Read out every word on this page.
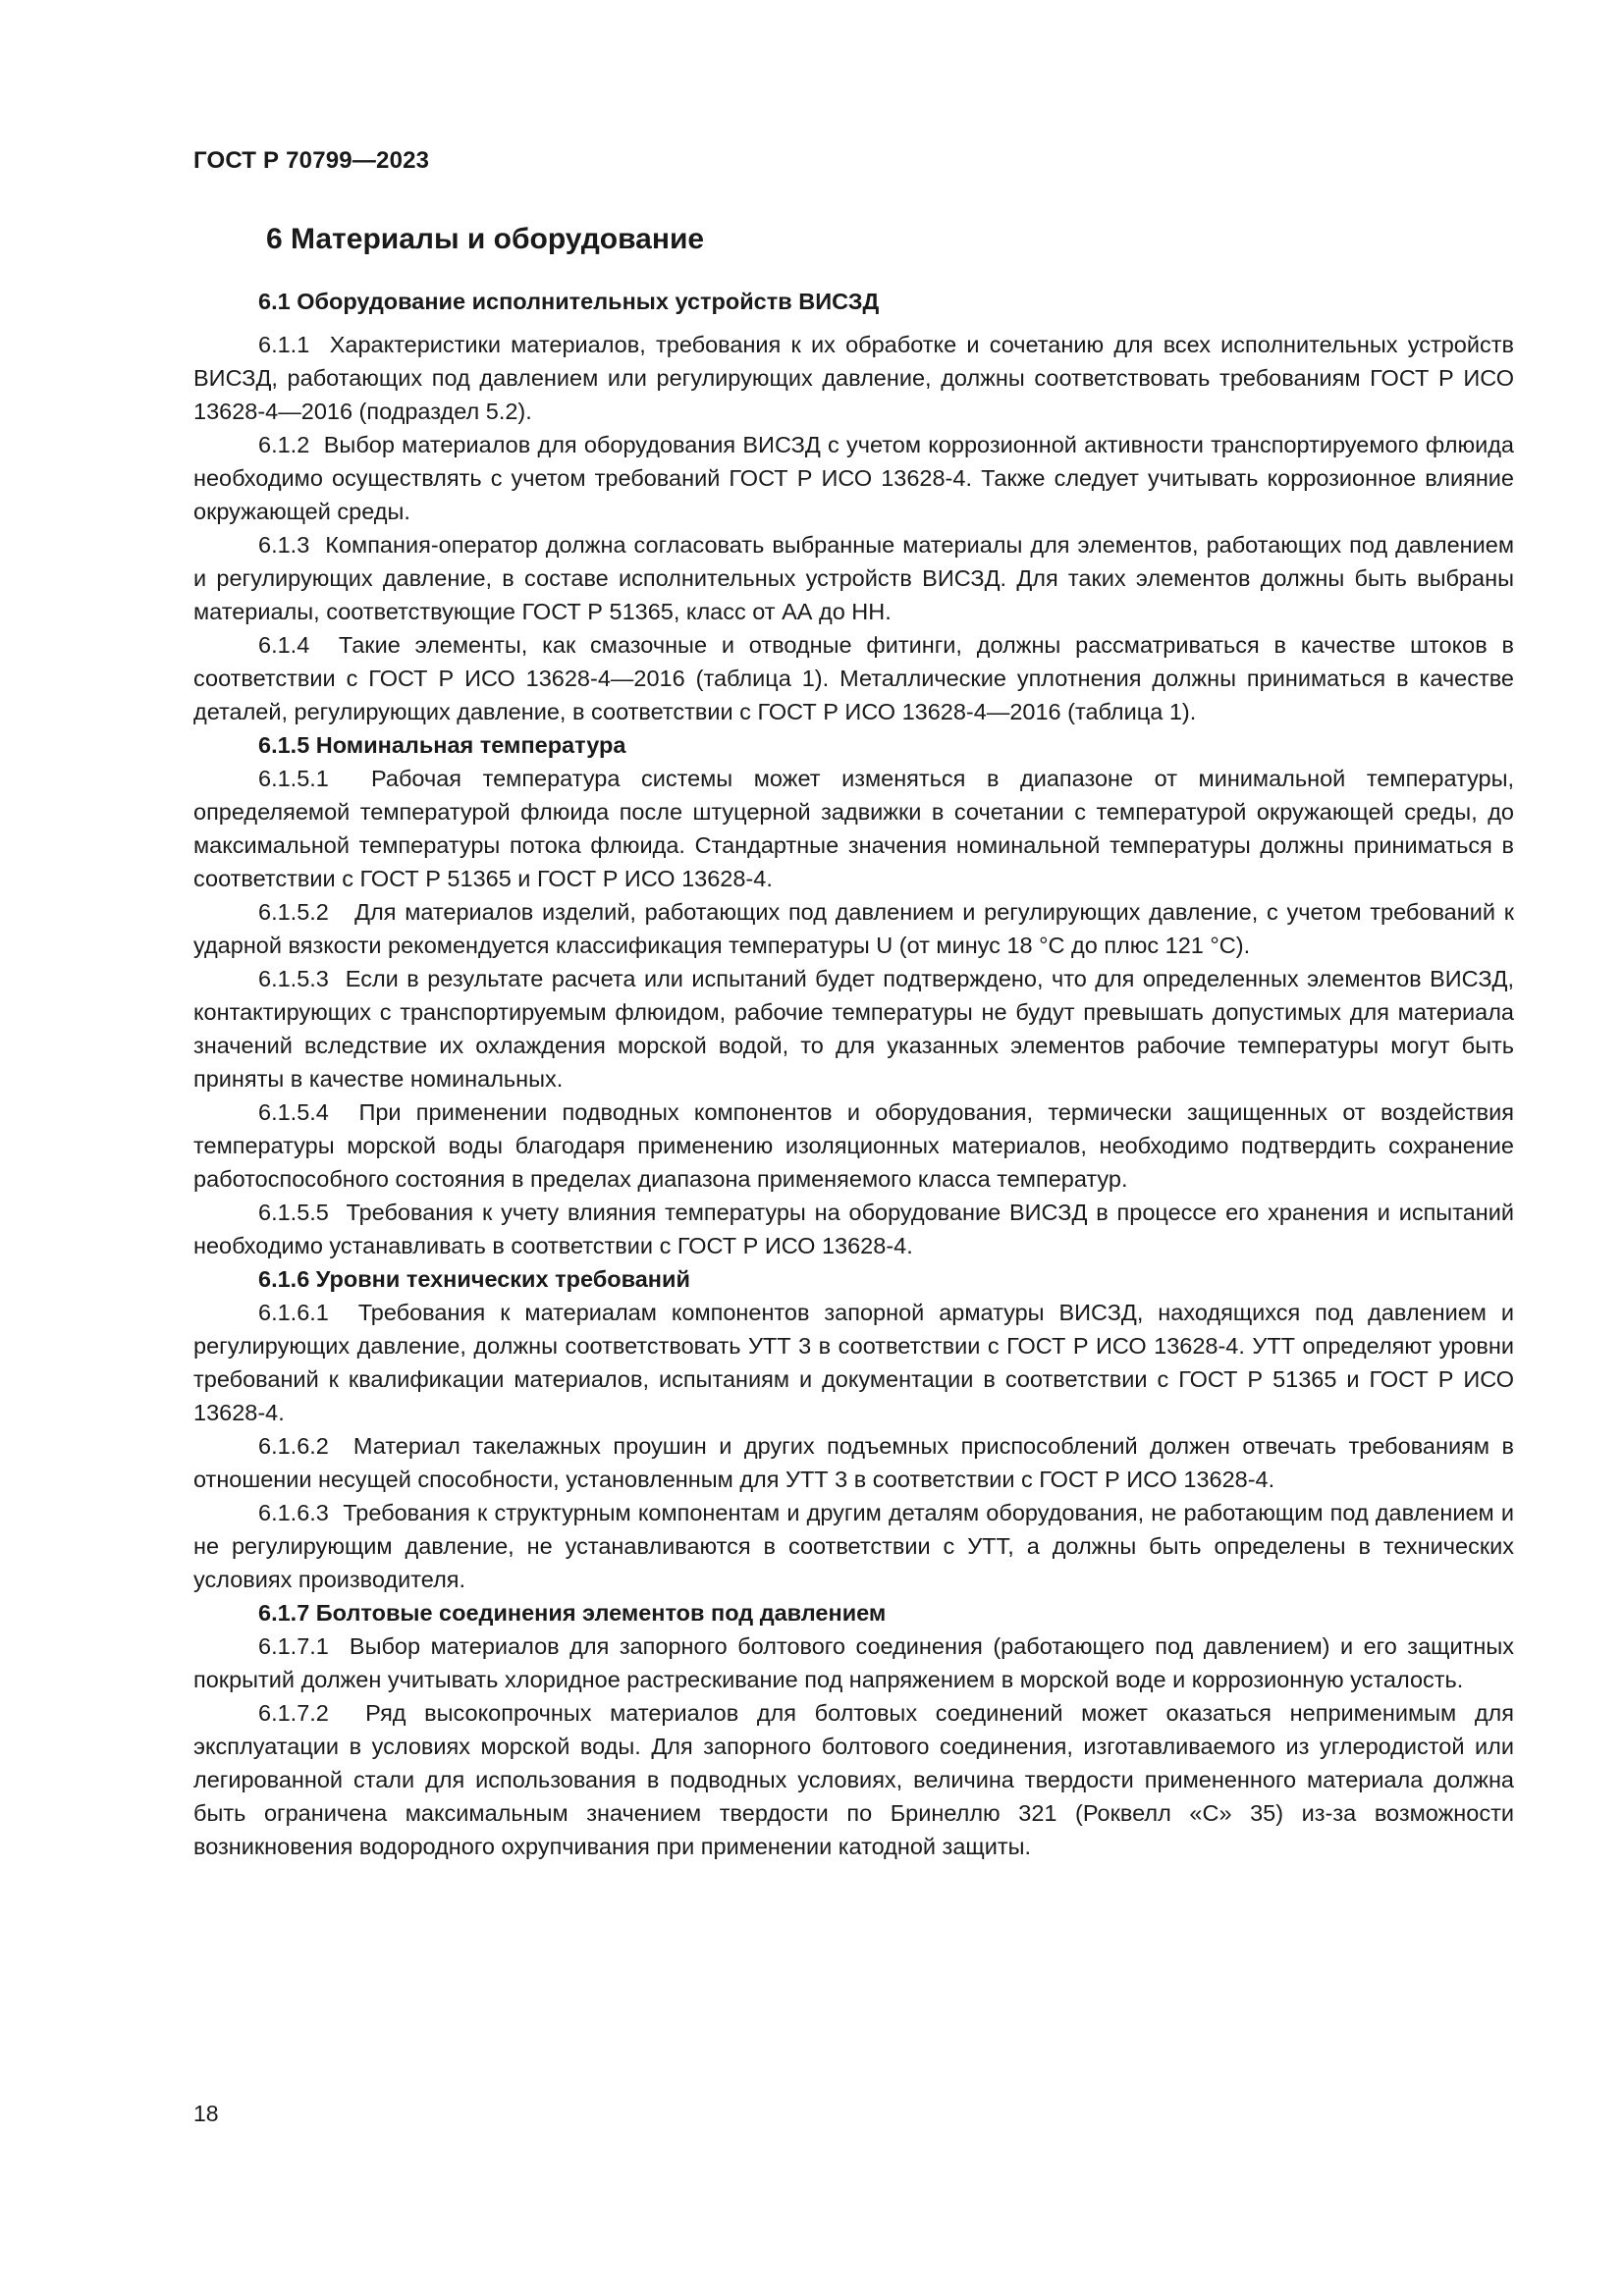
ГОСТ Р 70799—2023
6 Материалы и оборудование
6.1 Оборудование исполнительных устройств ВИСЗД

6.1.1  Характеристики материалов, требования к их обработке и сочетанию для всех исполнительных устройств ВИСЗД, работающих под давлением или регулирующих давление, должны соответствовать требованиям ГОСТ Р ИСО 13628-4—2016 (подраздел 5.2).

6.1.2  Выбор материалов для оборудования ВИСЗД с учетом коррозионной активности транспортируемого флюида необходимо осуществлять с учетом требований ГОСТ Р ИСО 13628-4. Также следует учитывать коррозионное влияние окружающей среды.

6.1.3  Компания-оператор должна согласовать выбранные материалы для элементов, работающих под давлением и регулирующих давление, в составе исполнительных устройств ВИСЗД. Для таких элементов должны быть выбраны материалы, соответствующие ГОСТ Р 51365, класс от АА до НН.

6.1.4  Такие элементы, как смазочные и отводные фитинги, должны рассматриваться в качестве штоков в соответствии с ГОСТ Р ИСО 13628-4—2016 (таблица 1). Металлические уплотнения должны приниматься в качестве деталей, регулирующих давление, в соответствии с ГОСТ Р ИСО 13628-4—2016 (таблица 1).

6.1.5 Номинальная температура

6.1.5.1  Рабочая температура системы может изменяться в диапазоне от минимальной температуры, определяемой температурой флюида после штуцерной задвижки в сочетании с температурой окружающей среды, до максимальной температуры потока флюида. Стандартные значения номинальной температуры должны приниматься в соответствии с ГОСТ Р 51365 и ГОСТ Р ИСО 13628-4.

6.1.5.2   Для материалов изделий, работающих под давлением и регулирующих давление, с учетом требований к ударной вязкости рекомендуется классификация температуры U (от минус 18 °С до плюс 121 °С).

6.1.5.3  Если в результате расчета или испытаний будет подтверждено, что для определенных элементов ВИСЗД, контактирующих с транспортируемым флюидом, рабочие температуры не будут превышать допустимых для материала значений вследствие их охлаждения морской водой, то для указанных элементов рабочие температуры могут быть приняты в качестве номинальных.

6.1.5.4  При применении подводных компонентов и оборудования, термически защищенных от воздействия температуры морской воды благодаря применению изоляционных материалов, необходимо подтвердить сохранение работоспособного состояния в пределах диапазона применяемого класса температур.

6.1.5.5  Требования к учету влияния температуры на оборудование ВИСЗД в процессе его хранения и испытаний необходимо устанавливать в соответствии с ГОСТ Р ИСО 13628-4.

6.1.6 Уровни технических требований

6.1.6.1  Требования к материалам компонентов запорной арматуры ВИСЗД, находящихся под давлением и регулирующих давление, должны соответствовать УТТ 3 в соответствии с ГОСТ Р ИСО 13628-4. УТТ определяют уровни требований к квалификации материалов, испытаниям и документации в соответствии с ГОСТ Р 51365 и ГОСТ Р ИСО 13628-4.

6.1.6.2  Материал такелажных проушин и других подъемных приспособлений должен отвечать требованиям в отношении несущей способности, установленным для УТТ 3 в соответствии с ГОСТ Р ИСО 13628-4.

6.1.6.3  Требования к структурным компонентам и другим деталям оборудования, не работающим под давлением и не регулирующим давление, не устанавливаются в соответствии с УТТ, а должны быть определены в технических условиях производителя.

6.1.7 Болтовые соединения элементов под давлением

6.1.7.1  Выбор материалов для запорного болтового соединения (работающего под давлением) и его защитных покрытий должен учитывать хлоридное растрескивание под напряжением в морской воде и коррозионную усталость.

6.1.7.2  Ряд высокопрочных материалов для болтовых соединений может оказаться неприменимым для эксплуатации в условиях морской воды. Для запорного болтового соединения, изготавливаемого из углеродистой или легированной стали для использования в подводных условиях, величина твердости примененного материала должна быть ограничена максимальным значением твердости по Бринеллю 321 (Роквелл «С» 35) из-за возможности возникновения водородного охрупчивания при применении катодной защиты.

18
